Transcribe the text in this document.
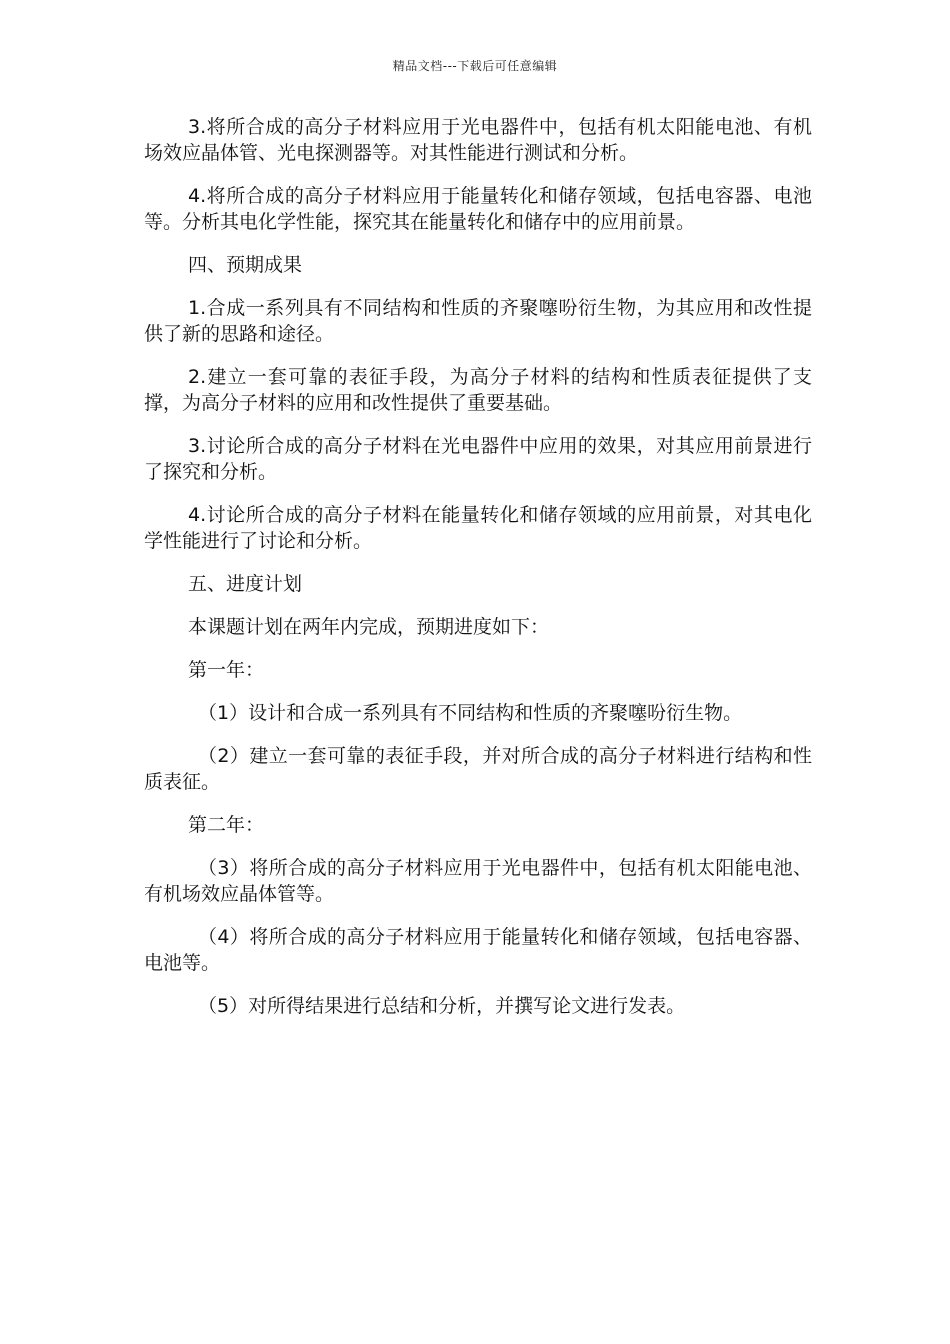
精品文档---下载后可任意编辑

3.将所合成的高分子材料应用于光电器件中，包括有机太阳能电池、有机场效应晶体管、光电探测器等。对其性能进行测试和分析。

4.将所合成的高分子材料应用于能量转化和储存领域，包括电容器、电池等。分析其电化学性能，探究其在能量转化和储存中的应用前景。

四、预期成果

1.合成一系列具有不同结构和性质的齐聚噻吩衍生物，为其应用和改性提供了新的思路和途径。

2.建立一套可靠的表征手段，为高分子材料的结构和性质表征提供了支撑，为高分子材料的应用和改性提供了重要基础。

3.讨论所合成的高分子材料在光电器件中应用的效果，对其应用前景进行了探究和分析。

4.讨论所合成的高分子材料在能量转化和储存领域的应用前景，对其电化学性能进行了讨论和分析。

五、进度计划

本课题计划在两年内完成，预期进度如下：

第一年：

（1）设计和合成一系列具有不同结构和性质的齐聚噻吩衍生物。

（2）建立一套可靠的表征手段，并对所合成的高分子材料进行结构和性质表征。

第二年：

（3）将所合成的高分子材料应用于光电器件中，包括有机太阳能电池、有机场效应晶体管等。

（4）将所合成的高分子材料应用于能量转化和储存领域，包括电容器、电池等。

（5）对所得结果进行总结和分析，并撰写论文进行发表。
